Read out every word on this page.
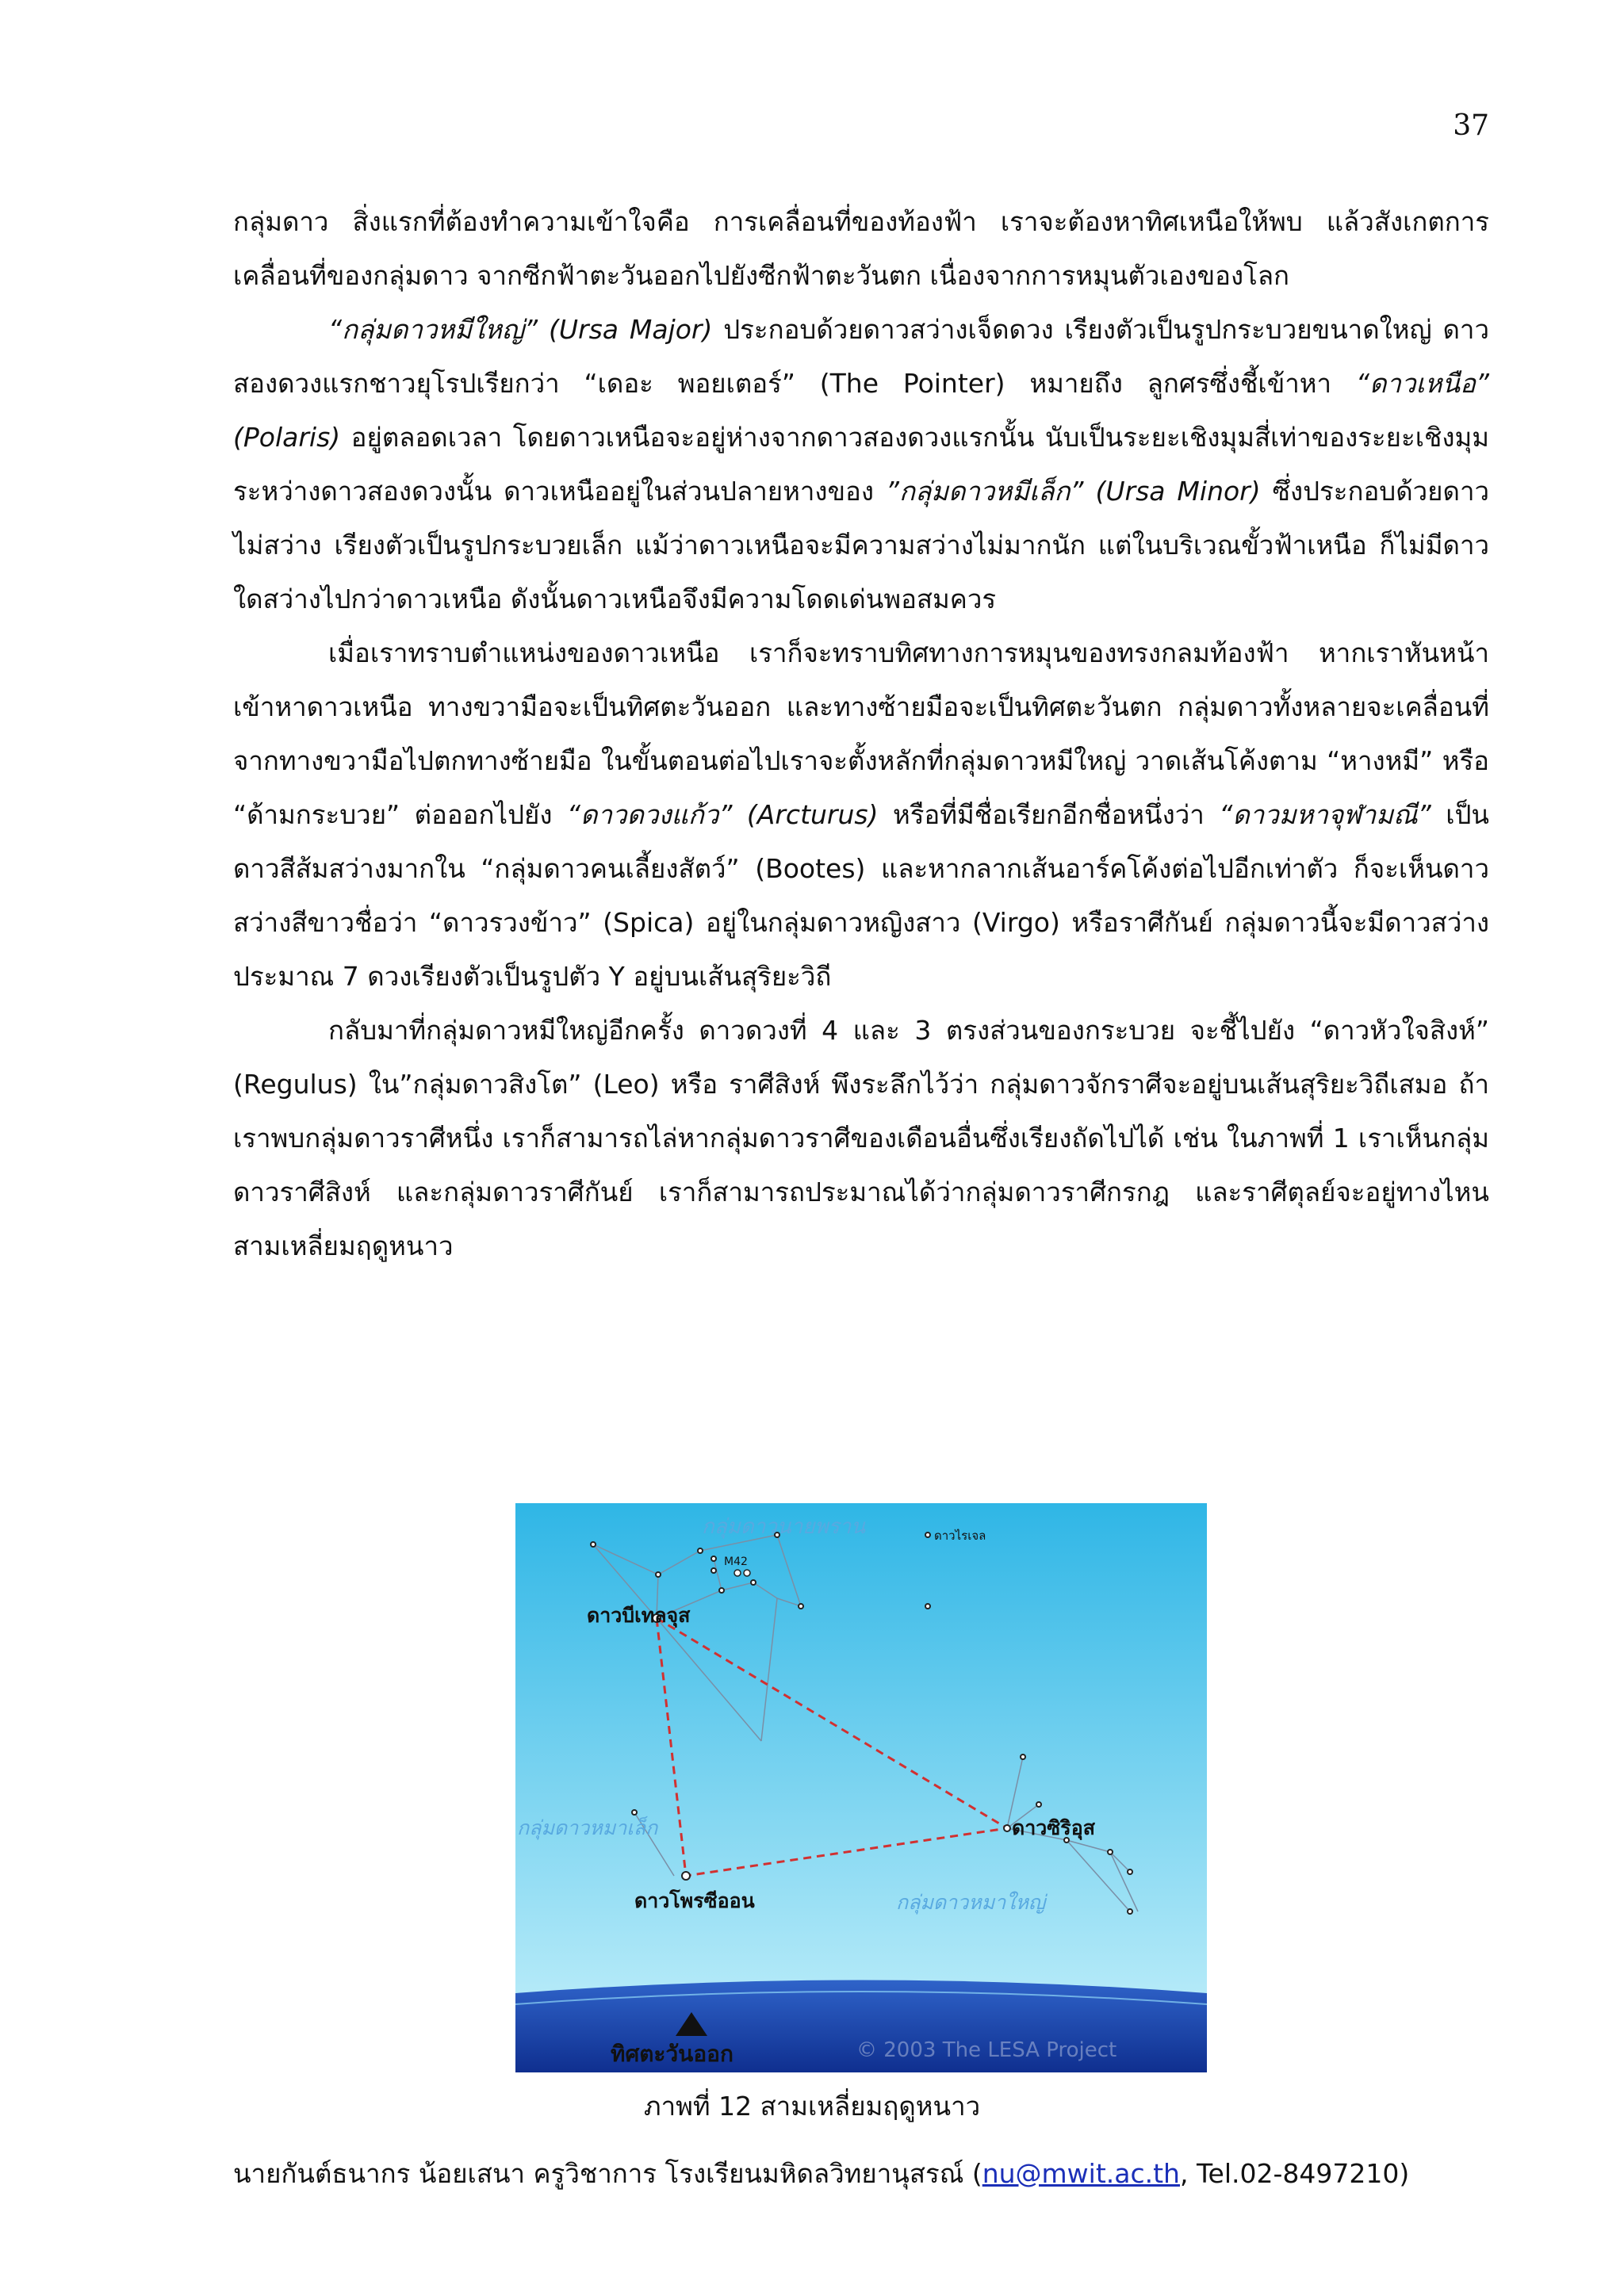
37

กลุ่มดาว สิ่งแรกที่ต้องทำความเข้าใจคือ การเคลื่อนที่ของท้องฟ้า เราจะต้องหาทิศเหนือให้พบ แล้วสังเกตการเคลื่อนที่ของกลุ่มดาว จากซีกฟ้าตะวันออกไปยังซีกฟ้าตะวันตก เนื่องจากการหมุนตัวเองของโลก

“กลุ่มดาวหมีใหญ่” (Ursa Major) ประกอบด้วยดาวสว่างเจ็ดดวง เรียงตัวเป็นรูปกระบวยขนาดใหญ่ ดาวสองดวงแรกชาวยุโรปเรียกว่า “เดอะ พอยเตอร์” (The Pointer) หมายถึง ลูกศรซึ่งชี้เข้าหา “ดาวเหนือ” (Polaris) อยู่ตลอดเวลา โดยดาวเหนือจะอยู่ห่างจากดาวสองดวงแรกนั้น นับเป็นระยะเชิงมุมสี่เท่าของระยะเชิงมุมระหว่างดาวสองดวงนั้น ดาวเหนืออยู่ในส่วนปลายหางของ ”กลุ่มดาวหมีเล็ก” (Ursa Minor) ซึ่งประกอบด้วยดาวไม่สว่าง เรียงตัวเป็นรูปกระบวยเล็ก แม้ว่าดาวเหนือจะมีความสว่างไม่มากนัก แต่ในบริเวณขั้วฟ้าเหนือ ก็ไม่มีดาวใดสว่างไปกว่าดาวเหนือ ดังนั้นดาวเหนือจึงมีความโดดเด่นพอสมควร

เมื่อเราทราบตำแหน่งของดาวเหนือ เราก็จะทราบทิศทางการหมุนของทรงกลมท้องฟ้า หากเราหันหน้าเข้าหาดาวเหนือ ทางขวามือจะเป็นทิศตะวันออก และทางซ้ายมือจะเป็นทิศตะวันตก กลุ่มดาวทั้งหลายจะเคลื่อนที่จากทางขวามือไปตกทางซ้ายมือ ในขั้นตอนต่อไปเราจะตั้งหลักที่กลุ่มดาวหมีใหญ่ วาดเส้นโค้งตาม “หางหมี” หรือ “ด้ามกระบวย” ต่อออกไปยัง “ดาวดวงแก้ว” (Arcturus) หรือที่มีชื่อเรียกอีกชื่อหนึ่งว่า “ดาวมหาจุฬามณี” เป็นดาวสีส้มสว่างมากใน “กลุ่มดาวคนเลี้ยงสัตว์” (Bootes) และหากลากเส้นอาร์คโค้งต่อไปอีกเท่าตัว ก็จะเห็นดาวสว่างสีขาวชื่อว่า “ดาวรวงข้าว” (Spica) อยู่ในกลุ่มดาวหญิงสาว (Virgo) หรือราศีกันย์ กลุ่มดาวนี้จะมีดาวสว่างประมาณ 7 ดวงเรียงตัวเป็นรูปตัว Y อยู่บนเส้นสุริยะวิถี

กลับมาที่กลุ่มดาวหมีใหญ่อีกครั้ง ดาวดวงที่ 4 และ 3 ตรงส่วนของกระบวย จะชี้ไปยัง “ดาวหัวใจสิงห์” (Regulus) ใน”กลุ่มดาวสิงโต” (Leo) หรือ ราศีสิงห์ พึงระลึกไว้ว่า กลุ่มดาวจักราศีจะอยู่บนเส้นสุริยะวิถีเสมอ ถ้าเราพบกลุ่มดาวราศีหนึ่ง เราก็สามารถไล่หากลุ่มดาวราศีของเดือนอื่นซึ่งเรียงถัดไปได้ เช่น ในภาพที่ 1 เราเห็นกลุ่มดาวราศีสิงห์ และกลุ่มดาวราศีกันย์ เราก็สามารถประมาณได้ว่ากลุ่มดาวราศีกรกฎ และราศีตุลย์จะอยู่ทางไหนสามเหลี่ยมฤดูหนาว

กลุ่มดาวนายพราน	ดาวไรเจล
M42
ดาวบีเทลจุส
ดาวซิริอุส
กลุ่มดาวหมาเล็ก
ดาวโพรซีออน	กลุ่มดาวหมาใหญ่
ทิศตะวันออก	© 2003 The LESA Project
ภาพที่ 12 สามเหลี่ยมฤดูหนาว
นายกันต์ธนากร น้อยเสนา ครูวิชาการ โรงเรียนมหิดลวิทยานุสรณ์ (nu@mwit.ac.th, Tel.02-8497210)
